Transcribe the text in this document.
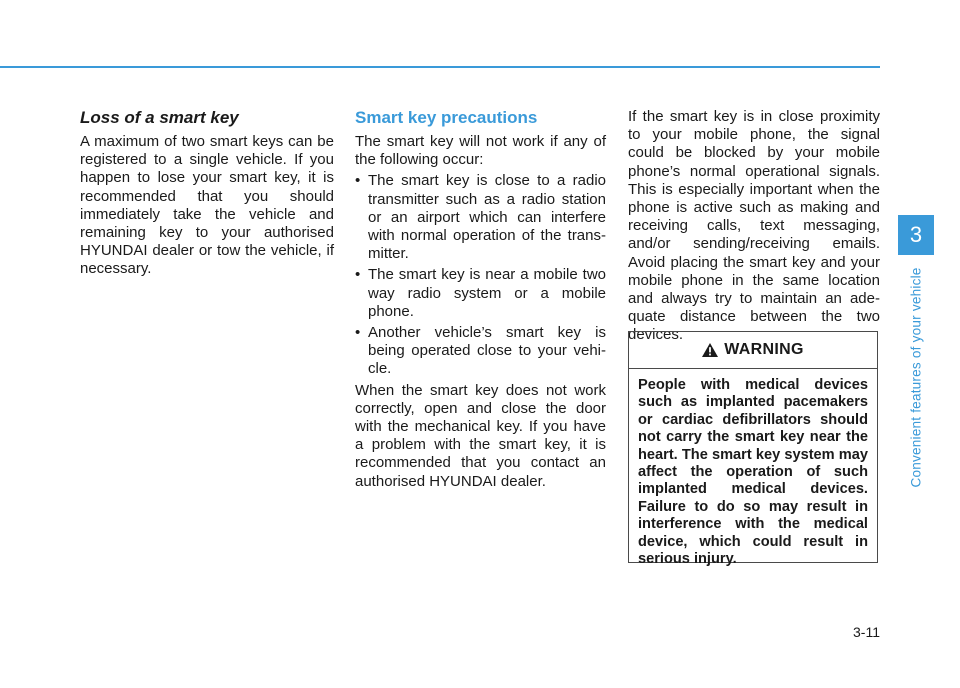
Loss of a smart key

A maximum of two smart keys can be registered to a single vehicle. If you happen to lose your smart key, it is recommended that you should immediately take the vehicle and remaining key to your authorised HYUNDAI dealer or tow the vehicle, if necessary.

Smart key precautions

The smart key will not work if any of the following occur:

• The smart key is close to a radio transmitter such as a radio station or an airport which can interfere with normal operation of the trans-mitter.
• The smart key is near a mobile two way radio system or a mobile phone.
• Another vehicle’s smart key is being operated close to your vehi-cle.

When the smart key does not work correctly, open and close the door with the mechanical key. If you have a problem with the smart key, it is recommended that you contact an authorised HYUNDAI dealer.

If the smart key is in close proximity to your mobile phone, the signal could be blocked by your mobile phone’s normal operational signals. This is especially important when the phone is active such as making and receiving calls, text messaging, and/or sending/receiving emails. Avoid placing the smart key and your mobile phone in the same location and always try to maintain an ade-quate distance between the two devices.

WARNING
People with medical devices such as implanted pacemakers or cardiac defibrillators should not carry the smart key near the heart. The smart key system may affect the operation of such implanted medical devices. Failure to do so may result in interference with the medical device, which could result in serious injury.
3
Convenient features of your vehicle
3-11
